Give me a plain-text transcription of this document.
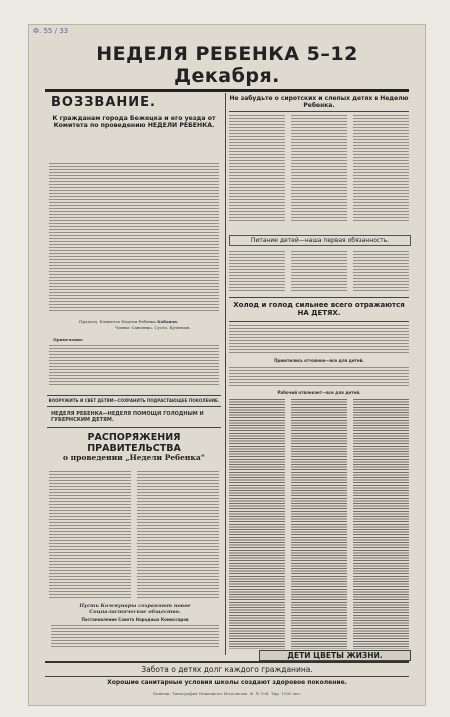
Ф. 55 / 33
НЕДЕЛЯ РЕБЕНКА 5–12 Декабря.
ВОЗЗВАНИЕ.
К гражданам города Бежецка и его уезда от Комитета по проведению НЕДЕЛИ РЕБЕНКА.
Председ. Комитета Недели Ребенка Кабанов.
Члены: Савченко. Сусло. Кузнецов.
Примечание.
ВООРУЖИТЬ И СВЕТ ДЕТЯМ—СОХРАНИТЬ ПОДРАСТАЮЩЕЕ ПОКОЛЕНИЕ.
НЕДЕЛЯ РЕБЕНКА—НЕДЕЛЯ ПОМОЩИ ГОЛОДНЫМ И ГУБЕРНСКИМ ДЕТЯМ.
РАСПОРЯЖЕНИЯ ПРАВИТЕЛЬСТВА
о проведении „Недели Ребенка“
Пусть Коммунары сохраняют новое Социалистическое общество.
Постановление Совета Народных Комиссаров
Не забудьте о сиротских и слепых детях в Неделю Ребенка.
Питание детей—наша первая обязанность.
Холод и голод сильнее всего отражаются НА ДЕТЯХ.
Приютились отчаянно—все для детей.
Рабочий отвлекает—все для детей.
ДЕТИ ЦВЕТЫ ЖИЗНИ.
Забота о детях долг каждого гражданина.
Хорошие санитарные условия школы создают здоровое поколение.
Бежецк. Типография Бежецкого Исполкома. Ф. № 104. Тир. 1000 экз.
